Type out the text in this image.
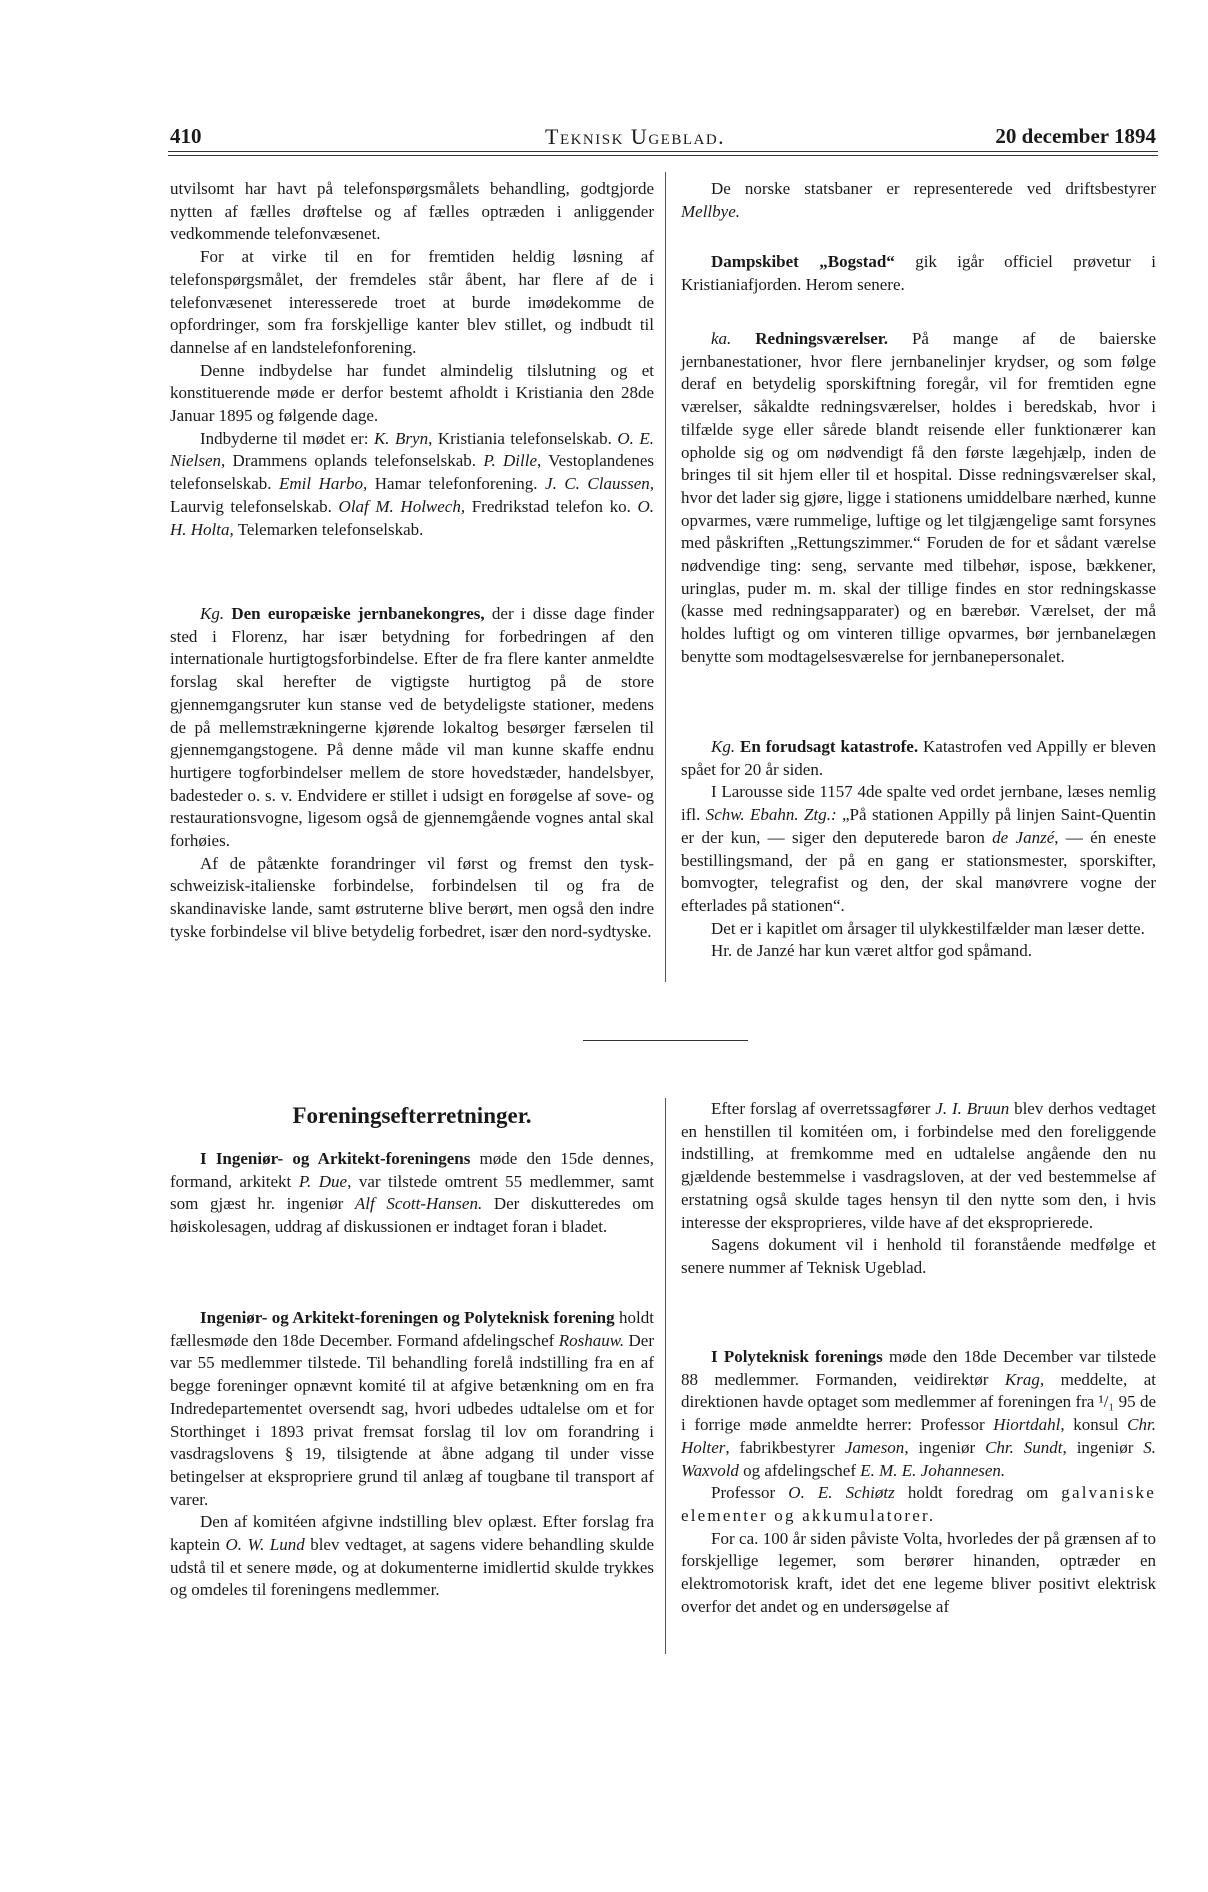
410	Teknisk Ugeblad.	20 december 1894

utvilsomt har havt på telefonspørgsmålets behandling, godtgjorde nytten af fælles drøftelse og af fælles optræden i anliggender vedkommende telefonvæsenet.

For at virke til en for fremtiden heldig løsning af telefonspørgsmålet, der fremdeles står åbent, har flere af de i telefonvæsenet interesserede troet at burde imødekomme de opfordringer, som fra forskjellige kanter blev stillet, og indbudt til dannelse af en landstelefonforening.

Denne indbydelse har fundet almindelig tilslutning og et konstituerende møde er derfor bestemt afholdt i Kristiania den 28de Januar 1895 og følgende dage.

Indbyderne til mødet er: K. Bryn, Kristiania telefonselskab. O. E. Nielsen, Drammens oplands telefonselskab. P. Dille, Vestoplandenes telefonselskab. Emil Harbo, Hamar telefonforening. J. C. Claussen, Laurvig telefonselskab. Olaf M. Holwech, Fredrikstad telefon ko. O. H. Holta, Telemarken telefonselskab.

Kg. Den europæiske jernbanekongres, der i disse dage finder sted i Florenz, har især betydning for forbedringen af den internationale hurtigtogsforbindelse. Efter de fra flere kanter anmeldte forslag skal herefter de vigtigste hurtigtog på de store gjennemgangsruter kun stanse ved de betydeligste stationer, medens de på mellemstrækningerne kjørende lokaltog besørger færselen til gjennemgangstogene. På denne måde vil man kunne skaffe endnu hurtigere togforbindelser mellem de store hovedstæder, handelsbyer, badesteder o. s. v. Endvidere er stillet i udsigt en forøgelse af sove- og restaurationsvogne, ligesom også de gjennemgående vognes antal skal forhøies.

Af de påtænkte forandringer vil først og fremst den tysk-schweizisk-italienske forbindelse, forbindelsen til og fra de skandinaviske lande, samt østruterne blive berørt, men også den indre tyske forbindelse vil blive betydelig forbedret, især den nord-sydtyske.

De norske statsbaner er representerede ved driftsbestyrer Mellbye.

Dampskibet „Bogstad“ gik igår officiel prøvetur i Kristianiafjorden. Herom senere.

ka. Redningsværelser. På mange af de baierske jernbanestationer, hvor flere jernbanelinjer krydser, og som følge deraf en betydelig sporskiftning foregår, vil for fremtiden egne værelser, såkaldte redningsværelser, holdes i beredskab, hvor i tilfælde syge eller sårede blandt reisende eller funktionærer kan opholde sig og om nødvendigt få den første lægehjælp, inden de bringes til sit hjem eller til et hospital. Disse redningsværelser skal, hvor det lader sig gjøre, ligge i stationens umiddelbare nærhed, kunne opvarmes, være rummelige, luftige og let tilgjængelige samt forsynes med påskriften „Rettungszimmer.“ Foruden de for et sådant værelse nødvendige ting: seng, servante med tilbehør, ispose, bækkener, uringlas, puder m. m. skal der tillige findes en stor redningskasse (kasse med redningsapparater) og en bærebør. Værelset, der må holdes luftigt og om vinteren tillige opvarmes, bør jernbanelægen benytte som modtagelsesværelse for jernbanepersonalet.

Kg. En forudsagt katastrofe. Katastrofen ved Appilly er bleven spået for 20 år siden.

I Larousse side 1157 4de spalte ved ordet jernbane, læses nemlig ifl. Schw. Ebahn. Ztg.: „På stationen Appilly på linjen Saint-Quentin er der kun, — siger den deputerede baron de Janzé, — én eneste bestillingsmand, der på en gang er stationsmester, sporskifter, bomvogter, telegrafist og den, der skal manøvrere vogne der efterlades på stationen“.

Det er i kapitlet om årsager til ulykkestilfælder man læser dette.

Hr. de Janzé har kun været altfor god spåmand.

Foreningsefterretninger.

I Ingeniør- og Arkitekt-foreningens møde den 15de dennes, formand, arkitekt P. Due, var tilstede omtrent 55 medlemmer, samt som gjæst hr. ingeniør Alf Scott-Hansen. Der diskutteredes om høiskolesagen, uddrag af diskussionen er indtaget foran i bladet.

Ingeniør- og Arkitekt-foreningen og Polyteknisk forening holdt fællesmøde den 18de December. Formand afdelingschef Roshauw. Der var 55 medlemmer tilstede. Til behandling forelå indstilling fra en af begge foreninger opnævnt komité til at afgive betænkning om en fra Indredepartementet oversendt sag, hvori udbedes udtalelse om et for Storthinget i 1893 privat fremsat forslag til lov om forandring i vasdragslovens § 19, tilsigtende at åbne adgang til under visse betingelser at ekspropriere grund til anlæg af tougbane til transport af varer.

Den af komitéen afgivne indstilling blev oplæst. Efter forslag fra kaptein O. W. Lund blev vedtaget, at sagens videre behandling skulde udstå til et senere møde, og at dokumenterne imidlertid skulde trykkes og omdeles til foreningens medlemmer.

Efter forslag af overretssagfører J. I. Bruun blev derhos vedtaget en henstillen til komitéen om, i forbindelse med den foreliggende indstilling, at fremkomme med en udtalelse angående den nu gjældende bestemmelse i vasdragsloven, at der ved bestemmelse af erstatning også skulde tages hensyn til den nytte som den, i hvis interesse der eksproprieres, vilde have af det eksproprierede.

Sagens dokument vil i henhold til foranstående medfølge et senere nummer af Teknisk Ugeblad.

I Polyteknisk forenings møde den 18de December var tilstede 88 medlemmer. Formanden, veidirektør Krag, meddelte, at direktionen havde optaget som medlemmer af foreningen fra ¹/₁ 95 de i forrige møde anmeldte herrer: Professor Hiortdahl, konsul Chr. Holter, fabrikbestyrer Jameson, ingeniør Chr. Sundt, ingeniør S. Waxvold og afdelingschef E. M. E. Johannesen.

Professor O. E. Schiøtz holdt foredrag om galvaniske elementer og akkumulatorer.

For ca. 100 år siden påviste Volta, hvorledes der på grænsen af to forskjellige legemer, som berører hinanden, optræder en elektromotorisk kraft, idet det ene legeme bliver positivt elektrisk overfor det andet og en undersøgelse af
